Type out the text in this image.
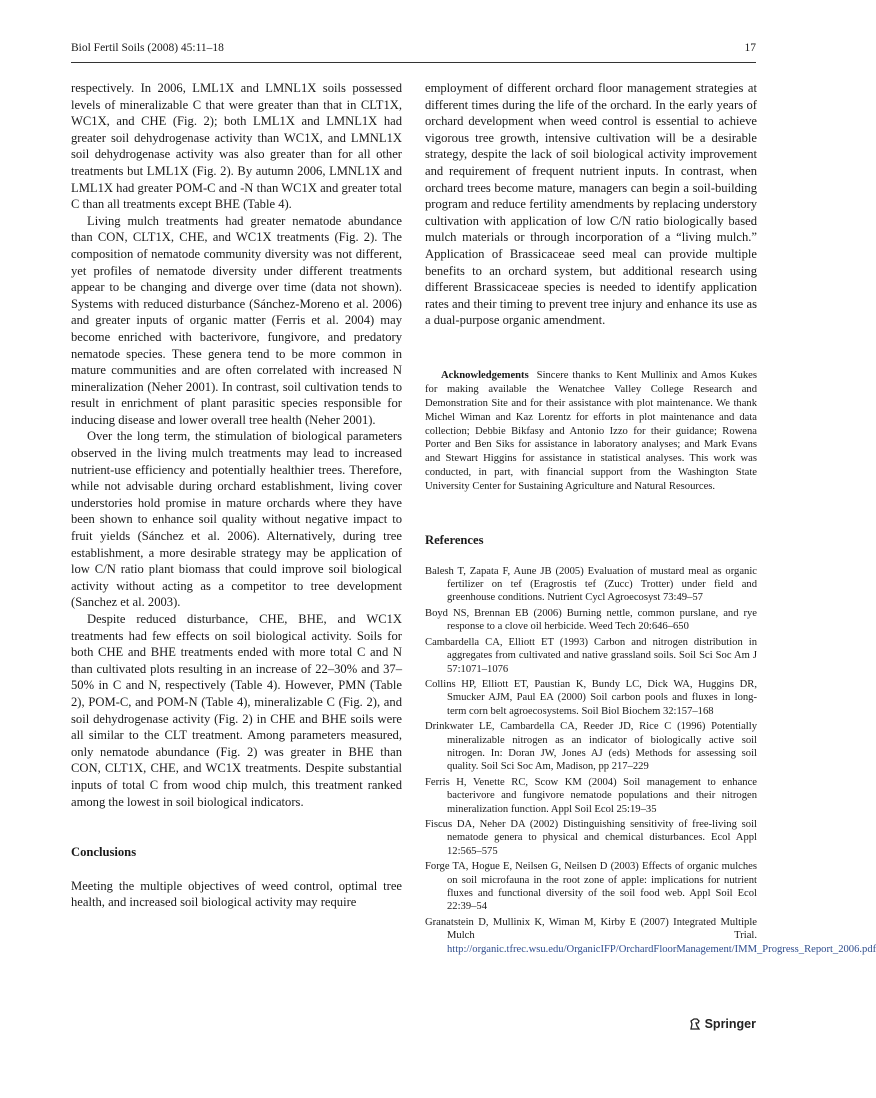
Biol Fertil Soils (2008) 45:11–18	17

respectively. In 2006, LML1X and LMNL1X soils possessed levels of mineralizable C that were greater than that in CLT1X, WC1X, and CHE (Fig. 2); both LML1X and LMNL1X had greater soil dehydrogenase activity than WC1X, and LMNL1X soil dehydrogenase activity was also greater than for all other treatments but LML1X (Fig. 2). By autumn 2006, LMNL1X and LML1X had greater POM-C and -N than WC1X and greater total C than all treatments except BHE (Table 4).

Living mulch treatments had greater nematode abundance than CON, CLT1X, CHE, and WC1X treatments (Fig. 2). The composition of nematode community diversity was not different, yet profiles of nematode diversity under different treatments appear to be changing and diverge over time (data not shown). Systems with reduced disturbance (Sánchez-Moreno et al. 2006) and greater inputs of organic matter (Ferris et al. 2004) may become enriched with bacterivore, fungivore, and predatory nematode species. These genera tend to be more common in mature communities and are often correlated with increased N mineralization (Neher 2001). In contrast, soil cultivation tends to result in enrichment of plant parasitic species responsible for inducing disease and lower overall tree health (Neher 2001).

Over the long term, the stimulation of biological parameters observed in the living mulch treatments may lead to increased nutrient-use efficiency and potentially healthier trees. Therefore, while not advisable during orchard establishment, living cover understories hold promise in mature orchards where they have been shown to enhance soil quality without negative impact to fruit yields (Sánchez et al. 2006). Alternatively, during tree establishment, a more desirable strategy may be application of low C/N ratio plant biomass that could improve soil biological activity without acting as a competitor to tree development (Sanchez et al. 2003).

Despite reduced disturbance, CHE, BHE, and WC1X treatments had few effects on soil biological activity. Soils for both CHE and BHE treatments ended with more total C and N than cultivated plots resulting in an increase of 22–30% and 37–50% in C and N, respectively (Table 4). However, PMN (Table 2), POM-C, and POM-N (Table 4), mineralizable C (Fig. 2), and soil dehydrogenase activity (Fig. 2) in CHE and BHE soils were all similar to the CLT treatment. Among parameters measured, only nematode abundance (Fig. 2) was greater in BHE than CON, CLT1X, CHE, and WC1X treatments. Despite substantial inputs of total C from wood chip mulch, this treatment ranked among the lowest in soil biological indicators.

Conclusions

Meeting the multiple objectives of weed control, optimal tree health, and increased soil biological activity may require

employment of different orchard floor management strategies at different times during the life of the orchard. In the early years of orchard development when weed control is essential to achieve vigorous tree growth, intensive cultivation will be a desirable strategy, despite the lack of soil biological activity improvement and requirement of frequent nutrient inputs. In contrast, when orchard trees become mature, managers can begin a soil-building program and reduce fertility amendments by replacing understory cultivation with application of low C/N ratio biologically based mulch materials or through incorporation of a “living mulch.” Application of Brassicaceae seed meal can provide multiple benefits to an orchard system, but additional research using different Brassicaceae species is needed to identify application rates and their timing to prevent tree injury and enhance its use as a dual-purpose organic amendment.

Acknowledgements Sincere thanks to Kent Mullinix and Amos Kukes for making available the Wenatchee Valley College Research and Demonstration Site and for their assistance with plot maintenance. We thank Michel Wiman and Kaz Lorentz for efforts in plot maintenance and data collection; Debbie Bikfasy and Antonio Izzo for their guidance; Rowena Porter and Ben Siks for assistance in laboratory analyses; and Mark Evans and Stewart Higgins for assistance in statistical analyses. This work was conducted, in part, with financial support from the Washington State University Center for Sustaining Agriculture and Natural Resources.

References
Balesh T, Zapata F, Aune JB (2005) Evaluation of mustard meal as organic fertilizer on tef (Eragrostis tef (Zucc) Trotter) under field and greenhouse conditions. Nutrient Cycl Agroecosyst 73:49–57
Boyd NS, Brennan EB (2006) Burning nettle, common purslane, and rye response to a clove oil herbicide. Weed Tech 20:646–650
Cambardella CA, Elliott ET (1993) Carbon and nitrogen distribution in aggregates from cultivated and native grassland soils. Soil Sci Soc Am J 57:1071–1076
Collins HP, Elliott ET, Paustian K, Bundy LC, Dick WA, Huggins DR, Smucker AJM, Paul EA (2000) Soil carbon pools and fluxes in long-term corn belt agroecosystems. Soil Biol Biochem 32:157–168
Drinkwater LE, Cambardella CA, Reeder JD, Rice C (1996) Potentially mineralizable nitrogen as an indicator of biologically active soil nitrogen. In: Doran JW, Jones AJ (eds) Methods for assessing soil quality. Soil Sci Soc Am, Madison, pp 217–229
Ferris H, Venette RC, Scow KM (2004) Soil management to enhance bacterivore and fungivore nematode populations and their nitrogen mineralization function. Appl Soil Ecol 25:19–35
Fiscus DA, Neher DA (2002) Distinguishing sensitivity of free-living soil nematode genera to physical and chemical disturbances. Ecol Appl 12:565–575
Forge TA, Hogue E, Neilsen G, Neilsen D (2003) Effects of organic mulches on soil microfauna in the root zone of apple: implications for nutrient fluxes and functional diversity of the soil food web. Appl Soil Ecol 22:39–54
Granatstein D, Mullinix K, Wiman M, Kirby E (2007) Integrated Multiple Mulch Trial. http://organic.tfrec.wsu.edu/OrganicIFP/OrchardFloorManagement/IMM_Progress_Report_2006.pdf
Springer
